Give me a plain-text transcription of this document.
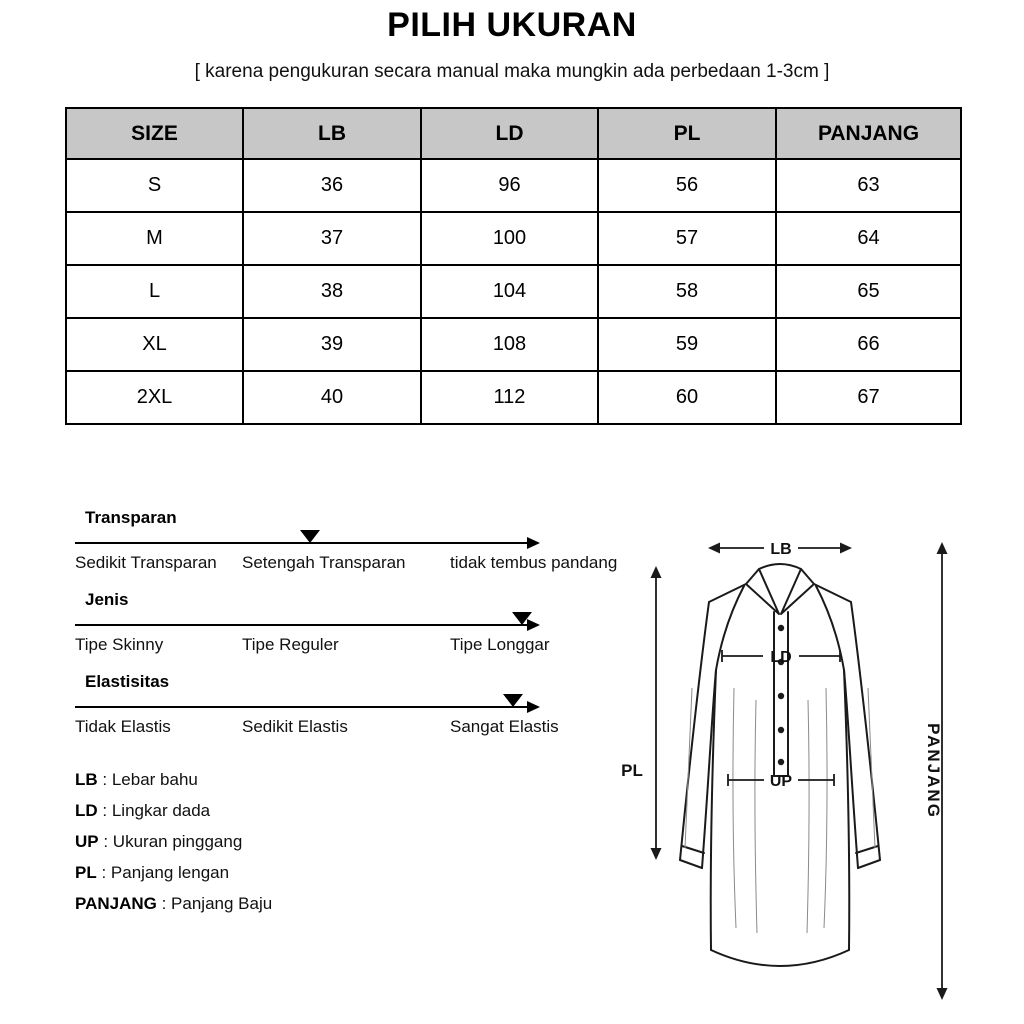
PILIH UKURAN
[ karena pengukuran secara manual maka mungkin ada perbedaan 1-3cm ]
SIZE	LB	LD	PL	PANJANG
S	36	96	56	63
M	37	100	57	64
L	38	104	58	65
XL	39	108	59	66
2XL	40	112	60	67
Transparan
Sedikit Transparan Setengah Transparan	tidak tembus pandang
Jenis
Tipe Skinny	Tipe Reguler	Tipe Longgar
Elastisitas
Tidak Elastis	Sedikit Elastis	Sangat Elastis
LB : Lebar bahu
LD : Lingkar dada
UP : Ukuran pinggang
PL : Panjang lengan
PANJANG : Panjang Baju
LB
LD
UP
PL	PANJANG
